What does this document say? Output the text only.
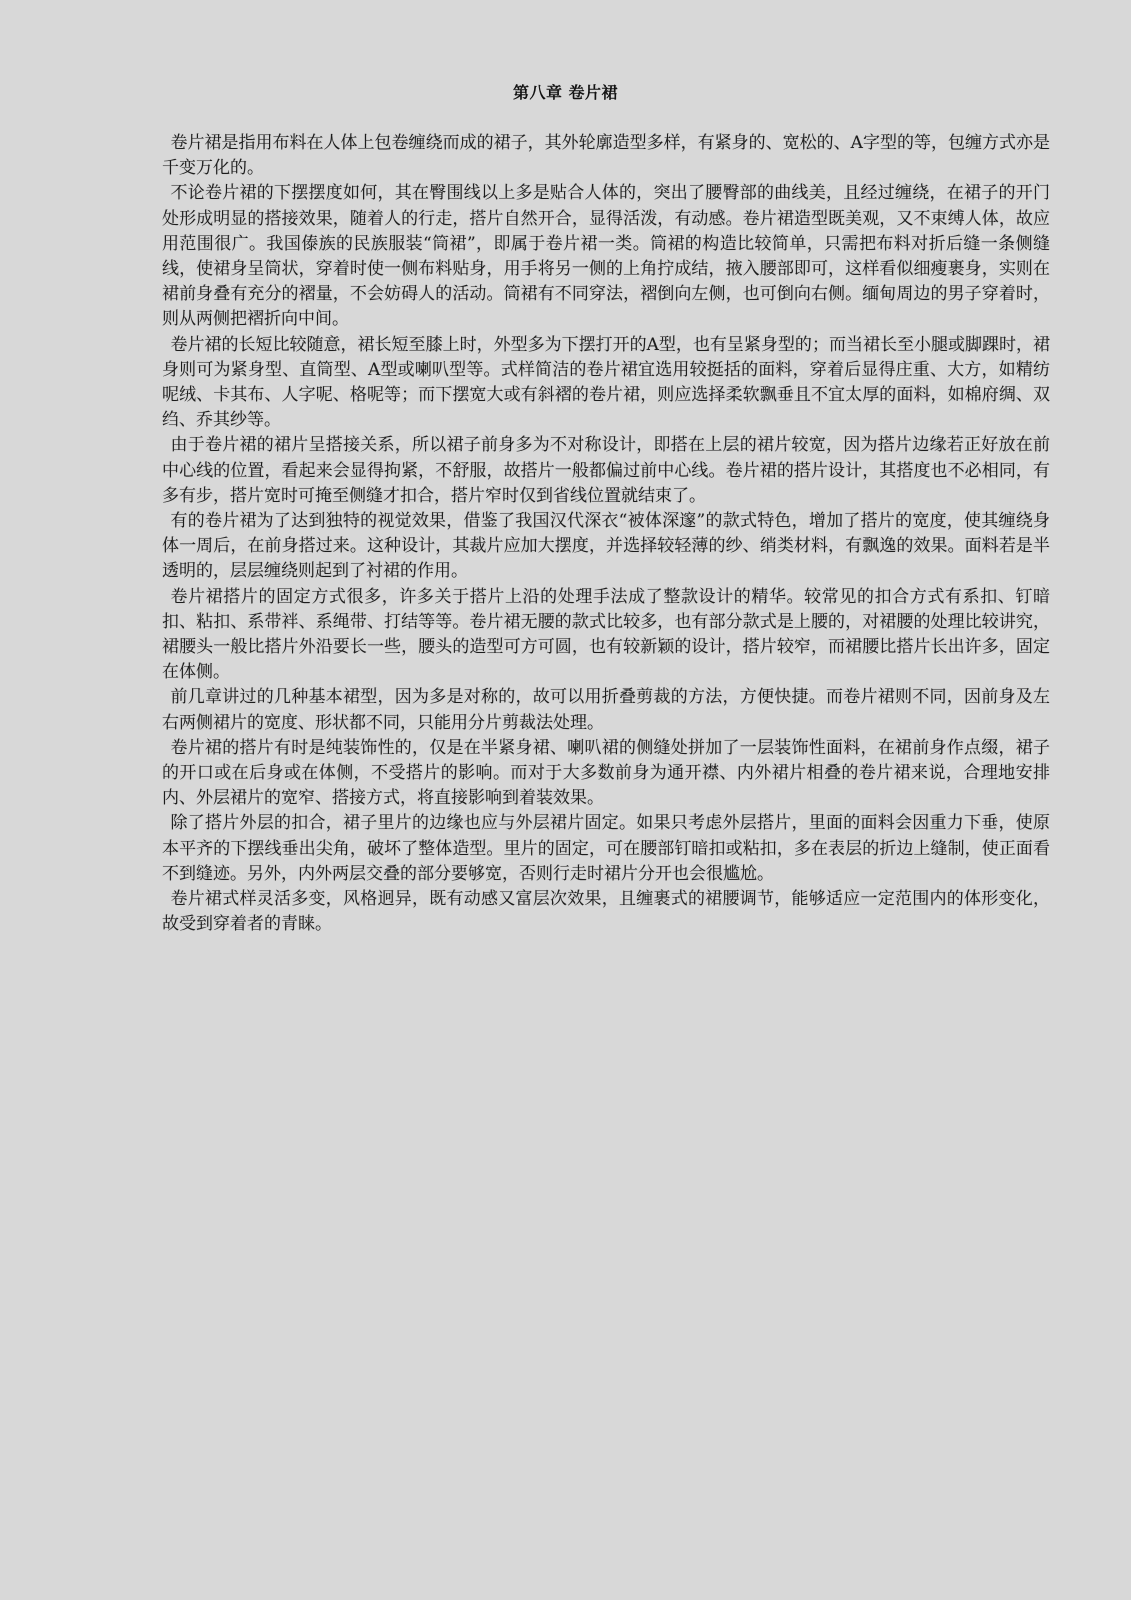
第八章 卷片裙

卷片裙是指用布料在人体上包卷缠绕而成的裙子，其外轮廓造型多样，有紧身的、宽松的、A字型的等，包缠方式亦是千变万化的。

不论卷片裙的下摆摆度如何，其在臀围线以上多是贴合人体的，突出了腰臀部的曲线美，且经过缠绕，在裙子的开门处形成明显的搭接效果，随着人的行走，搭片自然开合，显得活泼，有动感。卷片裙造型既美观，又不束缚人体，故应用范围很广。我国傣族的民族服装“筒裙”，即属于卷片裙一类。筒裙的构造比较简单，只需把布料对折后缝一条侧缝线，使裙身呈筒状，穿着时使一侧布料贴身，用手将另一侧的上角拧成结，掖入腰部即可，这样看似细瘦裹身，实则在裙前身叠有充分的褶量，不会妨碍人的活动。筒裙有不同穿法，褶倒向左侧，也可倒向右侧。缅甸周边的男子穿着时，则从两侧把褶折向中间。

卷片裙的长短比较随意，裙长短至膝上时，外型多为下摆打开的A型，也有呈紧身型的；而当裙长至小腿或脚踝时，裙身则可为紧身型、直筒型、A型或喇叭型等。式样简洁的卷片裙宜选用较挺括的面料，穿着后显得庄重、大方，如精纺呢绒、卡其布、人字呢、格呢等；而下摆宽大或有斜褶的卷片裙，则应选择柔软飘垂且不宜太厚的面料，如棉府绸、双绉、乔其纱等。

由于卷片裙的裙片呈搭接关系，所以裙子前身多为不对称设计，即搭在上层的裙片较宽，因为搭片边缘若正好放在前中心线的位置，看起来会显得拘紧，不舒服，故搭片一般都偏过前中心线。卷片裙的搭片设计，其搭度也不必相同，有多有步，搭片宽时可掩至侧缝才扣合，搭片窄时仅到省线位置就结束了。

有的卷片裙为了达到独特的视觉效果，借鉴了我国汉代深衣“被体深邃”的款式特色，增加了搭片的宽度，使其缠绕身体一周后，在前身搭过来。这种设计，其裁片应加大摆度，并选择较轻薄的纱、绡类材料，有飘逸的效果。面料若是半透明的，层层缠绕则起到了衬裙的作用。

卷片裙搭片的固定方式很多，许多关于搭片上沿的处理手法成了整款设计的精华。较常见的扣合方式有系扣、钉暗扣、粘扣、系带袢、系绳带、打结等等。卷片裙无腰的款式比较多，也有部分款式是上腰的，对裙腰的处理比较讲究，裙腰头一般比搭片外沿要长一些，腰头的造型可方可圆，也有较新颖的设计，搭片较窄，而裙腰比搭片长出许多，固定在体侧。

前几章讲过的几种基本裙型，因为多是对称的，故可以用折叠剪裁的方法，方便快捷。而卷片裙则不同，因前身及左右两侧裙片的宽度、形状都不同，只能用分片剪裁法处理。

卷片裙的搭片有时是纯装饰性的，仅是在半紧身裙、喇叭裙的侧缝处拼加了一层装饰性面料，在裙前身作点缀，裙子的开口或在后身或在体侧，不受搭片的影响。而对于大多数前身为通开襟、内外裙片相叠的卷片裙来说，合理地安排内、外层裙片的宽窄、搭接方式，将直接影响到着装效果。

除了搭片外层的扣合，裙子里片的边缘也应与外层裙片固定。如果只考虑外层搭片，里面的面料会因重力下垂，使原本平齐的下摆线垂出尖角，破坏了整体造型。里片的固定，可在腰部钉暗扣或粘扣，多在表层的折边上缝制，使正面看不到缝迹。另外，内外两层交叠的部分要够宽，否则行走时裙片分开也会很尴尬。

卷片裙式样灵活多变，风格迥异，既有动感又富层次效果，且缠裹式的裙腰调节，能够适应一定范围内的体形变化，故受到穿着者的青睐。
